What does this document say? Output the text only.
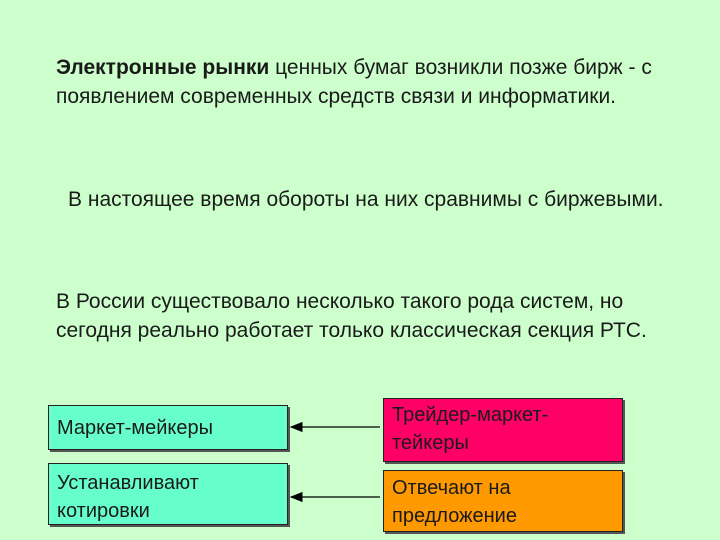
Электронные рынки ценных бумаг возникли позже бирж - с появлением современных средств связи и информатики.

В настоящее время обороты на них сравнимы с биржевыми.

В России существовало несколько такого рода систем, но сегодня реально работает только классическая секция РТС.

Маркет-мейкеры
Трейдер-маркет-
тейкеры
Устанавливают
котировки
Отвечают на
предложение
